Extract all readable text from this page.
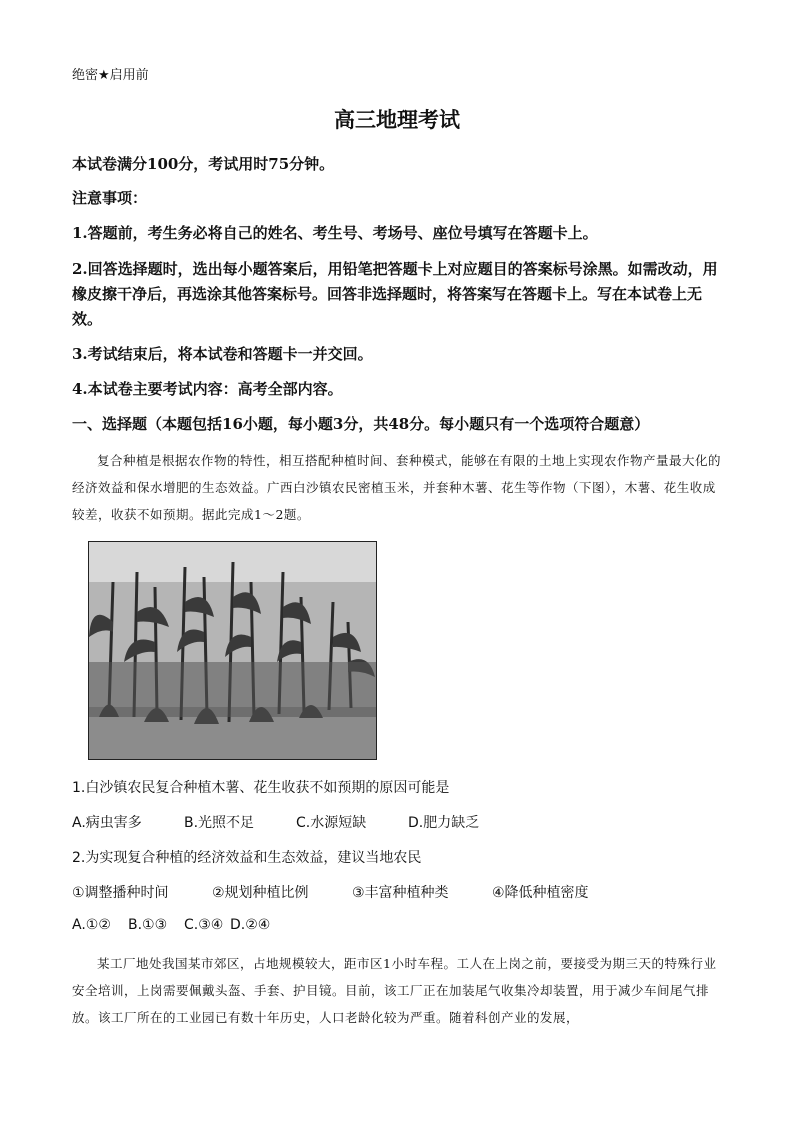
绝密★启用前
高三地理考试
本试卷满分100分，考试用时75分钟。
注意事项：
1.答题前，考生务必将自己的姓名、考生号、考场号、座位号填写在答题卡上。
2.回答选择题时，选出每小题答案后，用铅笔把答题卡上对应题目的答案标号涂黑。如需改动，用橡皮擦干净后，再选涂其他答案标号。回答非选择题时，将答案写在答题卡上。写在本试卷上无效。
3.考试结束后，将本试卷和答题卡一并交回。
4.本试卷主要考试内容：高考全部内容。
一、选择题（本题包括16小题，每小题3分，共48分。每小题只有一个选项符合题意）
复合种植是根据农作物的特性，相互搭配种植时间、套种模式，能够在有限的土地上实现农作物产量最大化的经济效益和保水增肥的生态效益。广西白沙镇农民密植玉米，并套种木薯、花生等作物（下图），木薯、花生收成较差，收获不如预期。据此完成1～2题。
1.白沙镇农民复合种植木薯、花生收获不如预期的原因可能是
A.病虫害多	B.光照不足	C.水源短缺	D.肥力缺乏
2.为实现复合种植的经济效益和生态效益，建议当地农民
①调整播种时间	②规划种植比例	③丰富种植种类	④降低种植密度
A.①② B.①③ C.③④ D.②④
某工厂地处我国某市郊区，占地规模较大，距市区1小时车程。工人在上岗之前，要接受为期三天的特殊行业安全培训，上岗需要佩戴头盔、手套、护目镜。目前，该工厂正在加装尾气收集冷却装置，用于减少车间尾气排放。该工厂所在的工业园已有数十年历史，人口老龄化较为严重。随着科创产业的发展，
